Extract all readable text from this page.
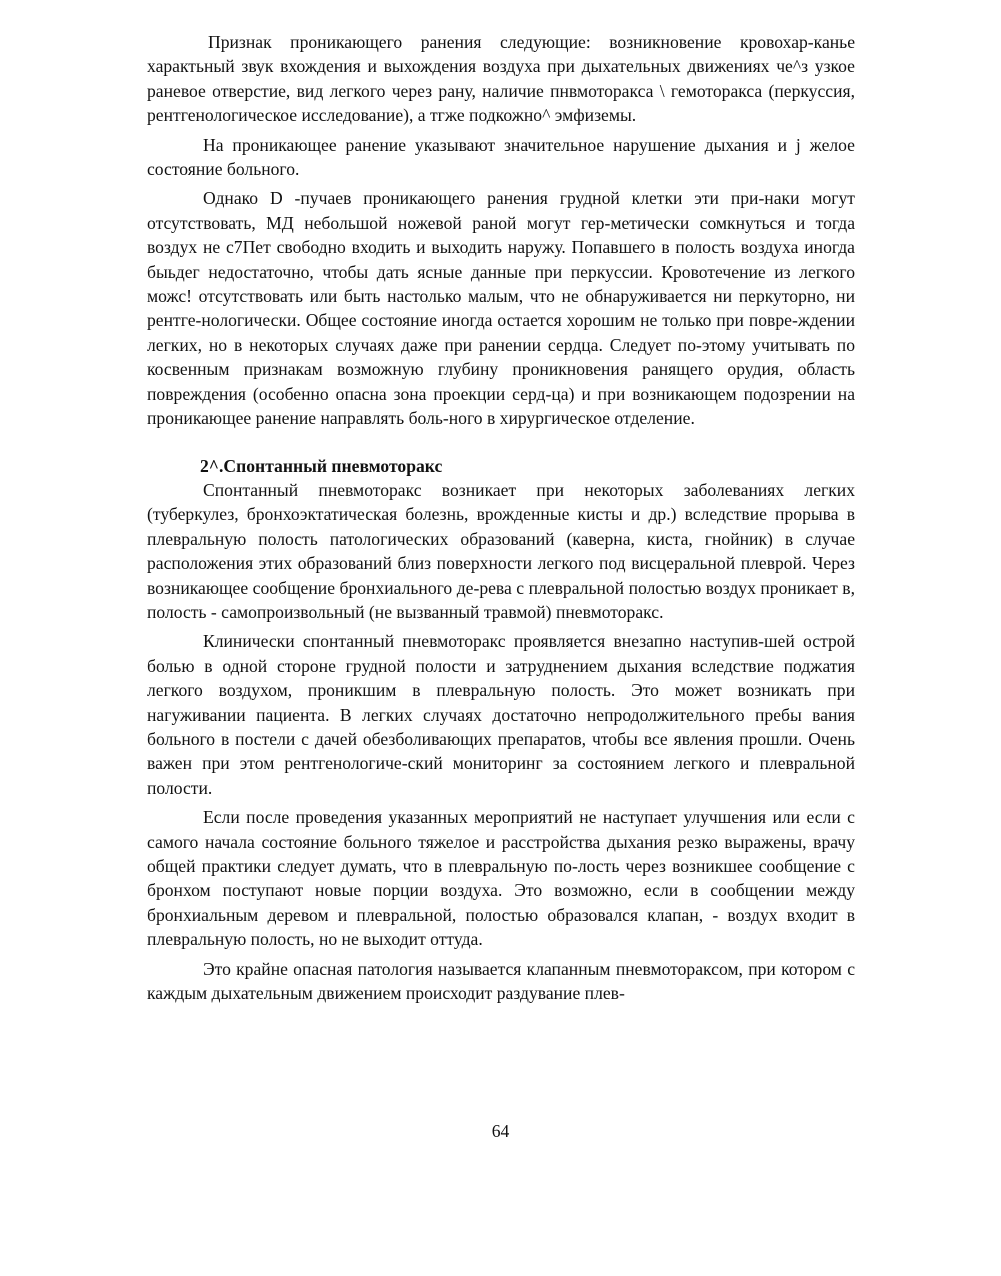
Признак проникающего ранения следующие: возникновение кровохар-канье характьный звук вхождения и выхождения воздуха при дыхательных движениях че^з узкое раневое отверстие, вид легкого через рану, наличие пнвмоторакса \ гемоторакса (перкуссия, рентгенологическое исследование), а тгже подкожно^ эмфиземы.

На проникающее ранение указывают значительное нарушение дыхания и j желое состояние больного.

Однако D -пучаев проникающего ранения грудной клетки эти при-наки могут отсутствовать, МД небольшой ножевой раной могут гер-метически сомкнуться и тогда воздух не с7Пет свободно входить и выходить наружу. Попавшего в полость воздуха иногда быьдег недостаточно, чтобы дать ясные данные при перкуссии. Кровотечение из легкого можс! отсутствовать или быть настолько малым, что не обнаруживается ни перкуторно, ни рентге-нологически. Общее состояние иногда остается хорошим не только при повре-ждении легких, но в некоторых случаях даже при ранении сердца. Следует по-этому учитывать по косвенным признакам возможную глубину проникновения ранящего орудия, область повреждения (особенно опасна зона проекции серд-ца) и при возникающем подозрении на проникающее ранение направлять боль-ного в хирургическое отделение.

2^.Спонтанный пневмоторакс

Спонтанный пневмоторакс возникает при некоторых заболеваниях легких (туберкулез, бронхоэктатическая болезнь, врожденные кисты и др.) вследствие прорыва в плевральную полость патологических образований (каверна, киста, гнойник) в случае расположения этих образований близ поверхности легкого под висцеральной плеврой. Через возникающее сообщение бронхиального де-рева с плевральной полостью воздух проникает в, полость - самопроизвольный (не вызванный травмой) пневмоторакс.

Клинически спонтанный пневмоторакс проявляется внезапно наступив-шей острой болью в одной стороне грудной полости и затруднением дыхания вследствие поджатия легкого воздухом, проникшим в плевральную полость. Это может возникать при нагуживании пациента. В легких случаях достаточно непродолжительного пребы вания больного в постели с дачей обезболивающих препаратов, чтобы все явления прошли. Очень важен при этом рентгенологиче-ский мониторинг за состоянием легкого и плевральной полости.

Если после проведения указанных мероприятий не наступает улучшения или если с самого начала состояние больного тяжелое и расстройства дыхания резко выражены, врачу общей практики следует думать, что в плевральную по-лость через возникшее сообщение с бронхом поступают новые порции воздуха. Это возможно, если в сообщении между бронхиальным деревом и плевральной, полостью образовался клапан, - воздух входит в плевральную полость, но не выходит оттуда.

Это крайне опасная патология называется клапанным пневмотораксом, при котором с каждым дыхательным движением происходит раздувание плев-

64
